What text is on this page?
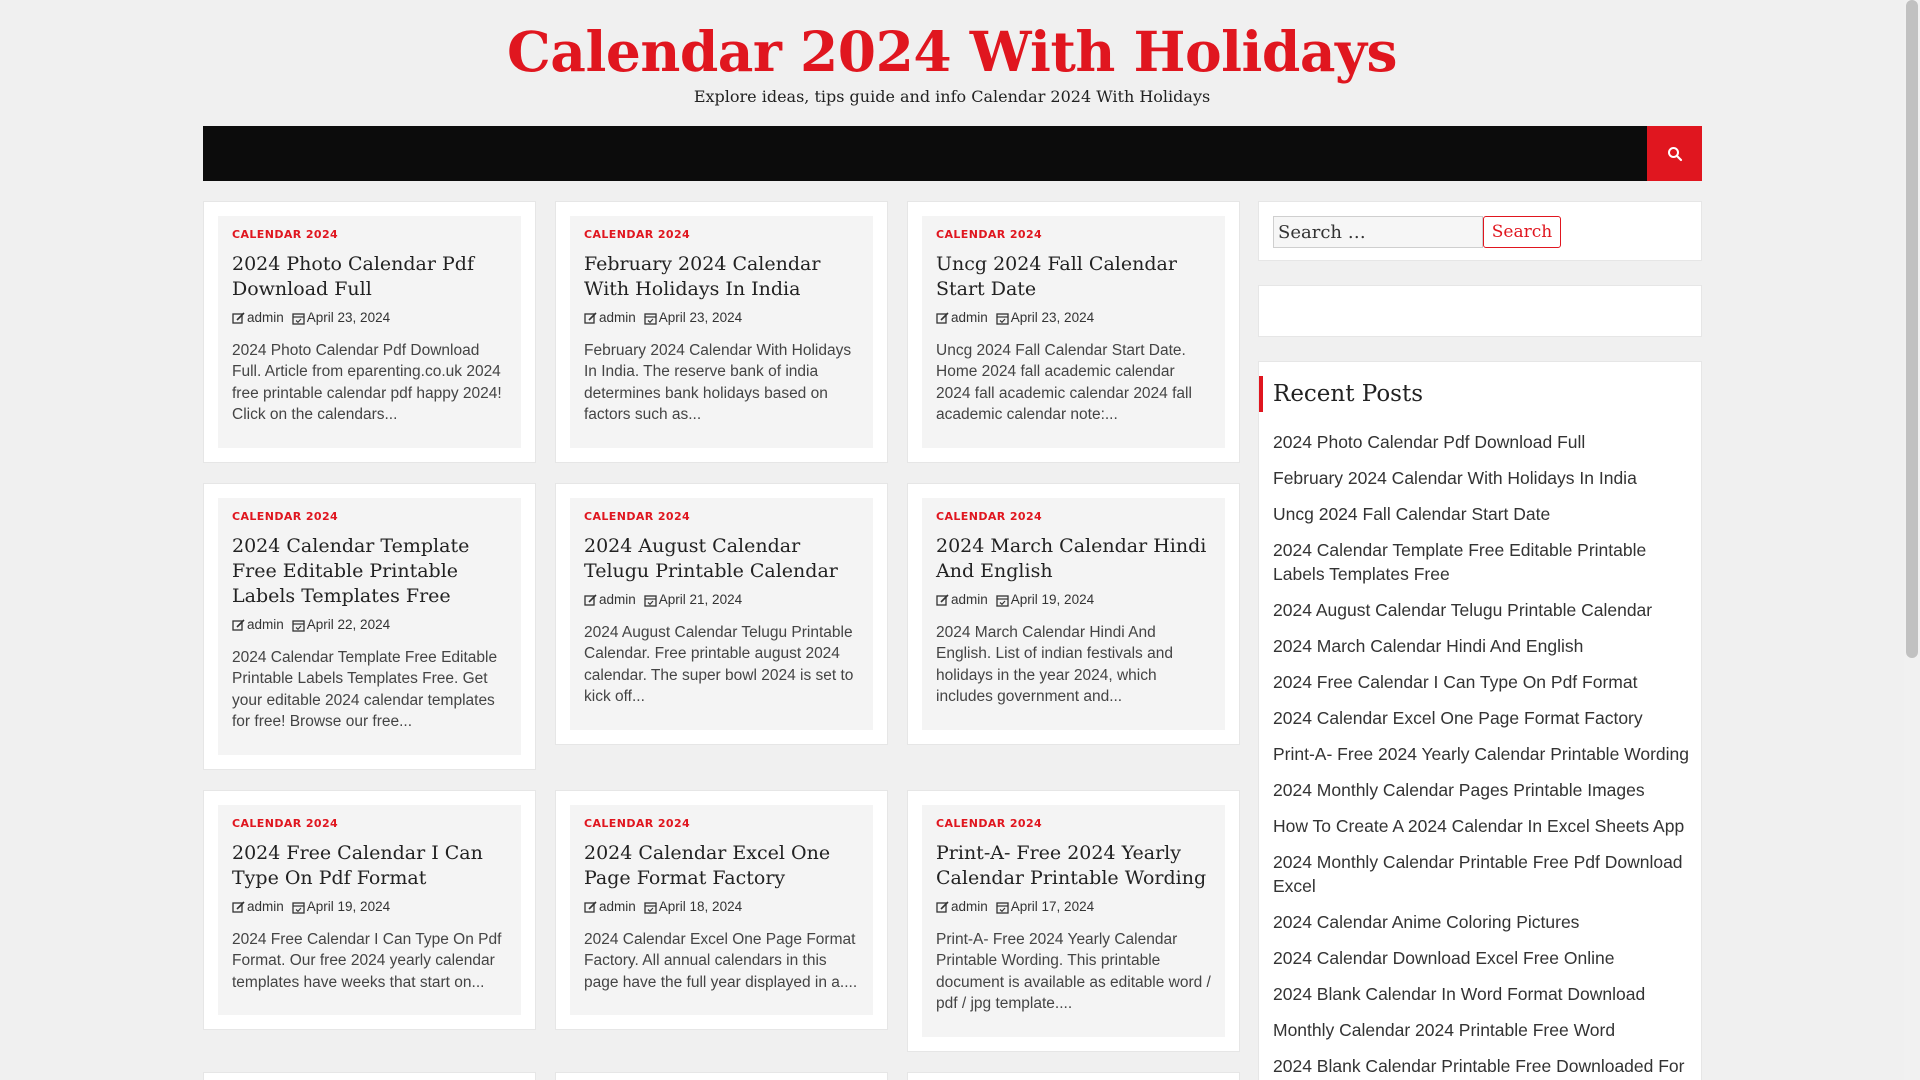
Calendar 2024 With Holidays
Explore ideas, tips guide and info Calendar 2024 With Holidays
CALENDAR 2024
2024 Photo Calendar Pdf Download Full
admin April 23, 2024
2024 Photo Calendar Pdf Download Full. Article from eparenting.co.uk 2024 free printable calendar pdf happy 2024! Click on the calendars...
CALENDAR 2024
February 2024 Calendar With Holidays In India
admin April 23, 2024
February 2024 Calendar With Holidays In India. The reserve bank of india determines bank holidays based on factors such as...
CALENDAR 2024
Uncg 2024 Fall Calendar Start Date
admin April 23, 2024
Uncg 2024 Fall Calendar Start Date. Home 2024 fall academic calendar 2024 fall academic calendar 2024 fall academic calendar note:...
CALENDAR 2024
2024 Calendar Template Free Editable Printable Labels Templates Free
admin April 22, 2024
2024 Calendar Template Free Editable Printable Labels Templates Free. Get your editable 2024 calendar templates for free! Browse our free...
CALENDAR 2024
2024 August Calendar Telugu Printable Calendar
admin April 21, 2024
2024 August Calendar Telugu Printable Calendar. Free printable august 2024 calendar. The super bowl 2024 is set to kick off...
CALENDAR 2024
2024 March Calendar Hindi And English
admin April 19, 2024
2024 March Calendar Hindi And English. List of indian festivals and holidays in the year 2024, which includes government and...
CALENDAR 2024
2024 Free Calendar I Can Type On Pdf Format
admin April 19, 2024
2024 Free Calendar I Can Type On Pdf Format. Our free 2024 yearly calendar templates have weeks that start on...
CALENDAR 2024
2024 Calendar Excel One Page Format Factory
admin April 18, 2024
2024 Calendar Excel One Page Format Factory. All annual calendars in this page have the full year displayed in a....
CALENDAR 2024
Print-A- Free 2024 Yearly Calendar Printable Wording
admin April 17, 2024
Print-A- Free 2024 Yearly Calendar Printable Wording. This printable document is available as editable word / pdf / jpg template....
Search …
Search
Recent Posts
2024 Photo Calendar Pdf Download Full
February 2024 Calendar With Holidays In India
Uncg 2024 Fall Calendar Start Date
2024 Calendar Template Free Editable Printable Labels Templates Free
2024 August Calendar Telugu Printable Calendar
2024 March Calendar Hindi And English
2024 Free Calendar I Can Type On Pdf Format
2024 Calendar Excel One Page Format Factory
Print-A- Free 2024 Yearly Calendar Printable Wording
2024 Monthly Calendar Pages Printable Images
How To Create A 2024 Calendar In Excel Sheets App
2024 Monthly Calendar Printable Free Pdf Download Excel
2024 Calendar Anime Coloring Pictures
2024 Calendar Download Excel Free Online
2024 Blank Calendar In Word Format Download
Monthly Calendar 2024 Printable Free Word
2024 Blank Calendar Printable Free Downloaded For
